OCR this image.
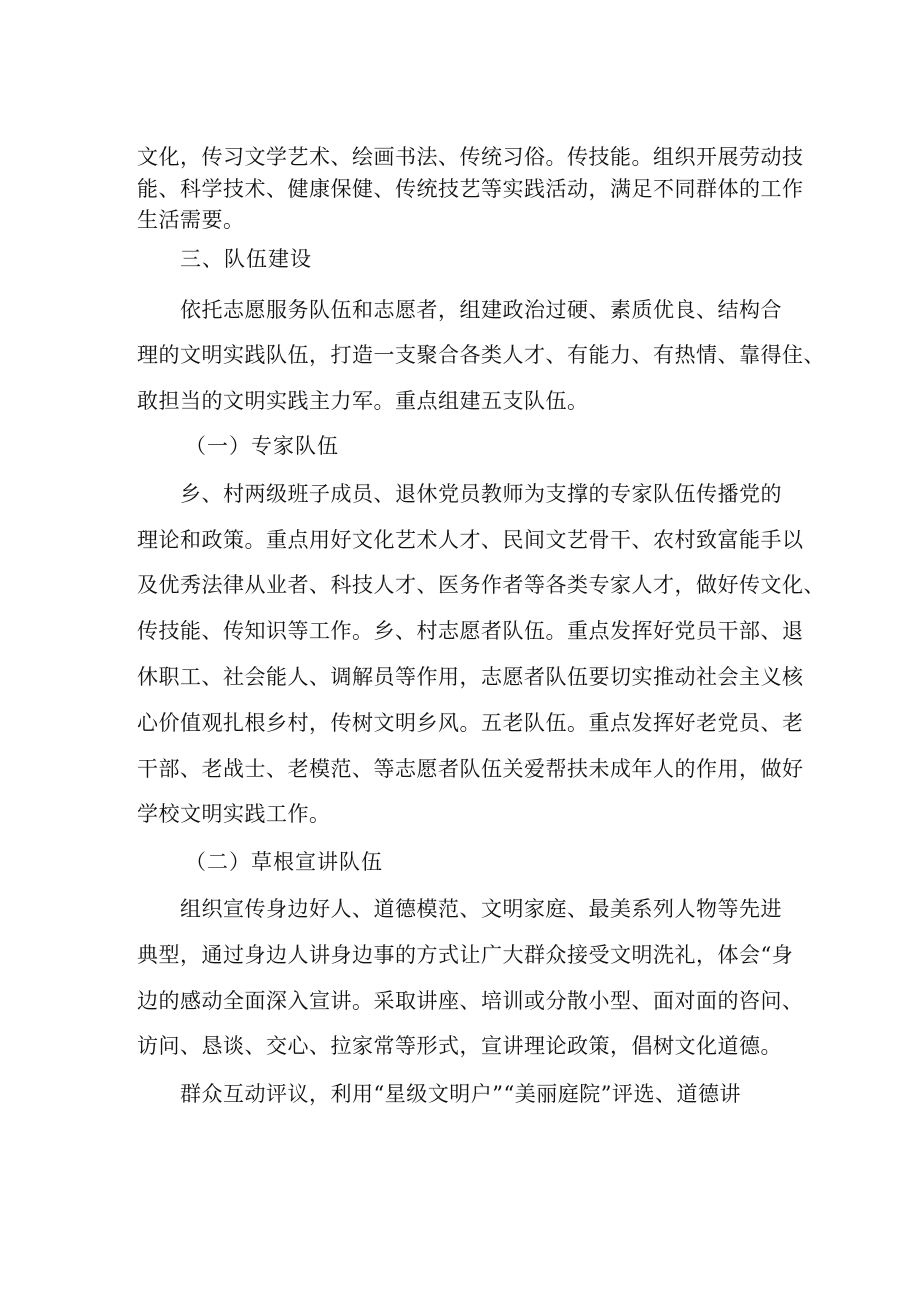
文化，传习文学艺术、绘画书法、传统习俗。传技能。组织开展劳动技
能、科学技术、健康保健、传统技艺等实践活动，满足不同群体的工作
生活需要。
三、队伍建设
依托志愿服务队伍和志愿者，组建政治过硬、素质优良、结构合
理的文明实践队伍，打造一支聚合各类人才、有能力、有热情、靠得住、
敢担当的文明实践主力军。重点组建五支队伍。
（一）专家队伍
乡、村两级班子成员、退休党员教师为支撑的专家队伍传播党的
理论和政策。重点用好文化艺术人才、民间文艺骨干、农村致富能手以
及优秀法律从业者、科技人才、医务作者等各类专家人才，做好传文化、
传技能、传知识等工作。乡、村志愿者队伍。重点发挥好党员干部、退
休职工、社会能人、调解员等作用，志愿者队伍要切实推动社会主义核
心价值观扎根乡村，传树文明乡风。五老队伍。重点发挥好老党员、老
干部、老战士、老模范、等志愿者队伍关爱帮扶未成年人的作用，做好
学校文明实践工作。
（二）草根宣讲队伍
组织宣传身边好人、道德模范、文明家庭、最美系列人物等先进
典型，通过身边人讲身边事的方式让广大群众接受文明洗礼，体会“身
边的感动全面深入宣讲。采取讲座、培训或分散小型、面对面的咨问、
访问、恳谈、交心、拉家常等形式，宣讲理论政策，倡树文化道德。
群众互动评议，利用“星级文明户”“美丽庭院”评选、道德讲
